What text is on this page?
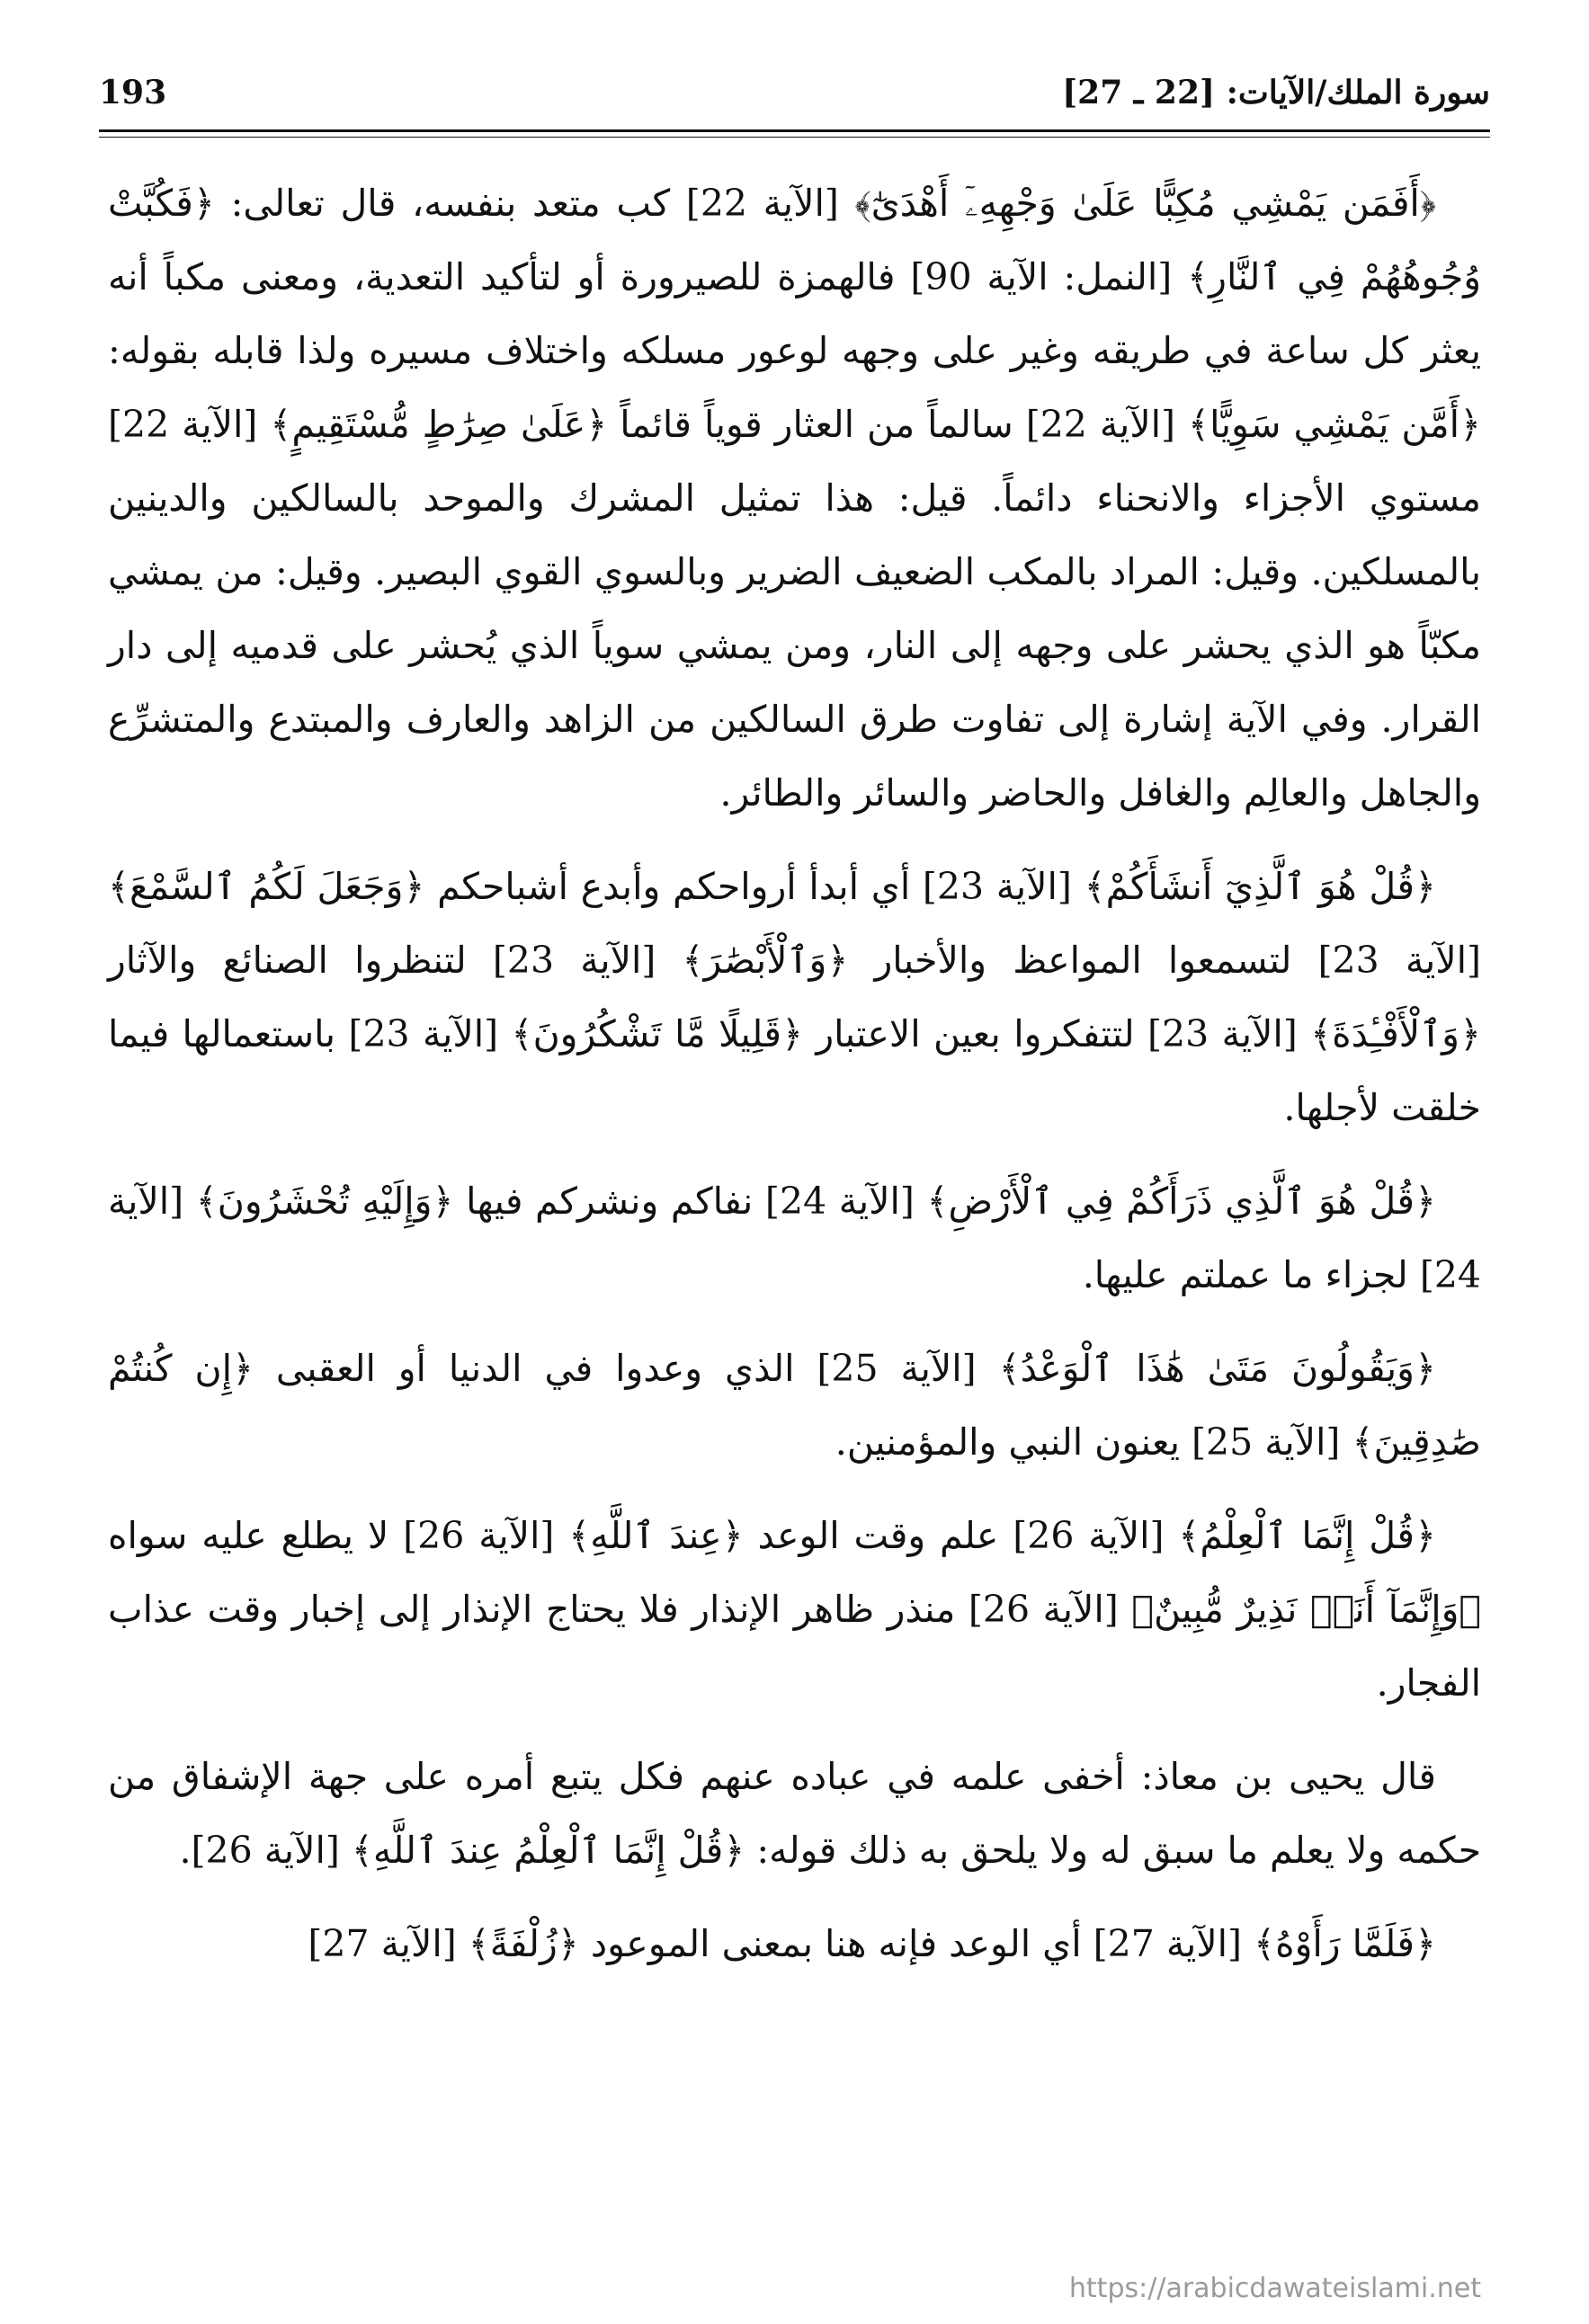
سورة الملك/الآيات: [22 ـ 27]
193

﴿أَفَمَن يَمْشِي مُكِبًّا عَلَىٰ وَجْهِهِۦٓ أَهْدَىٰٓ﴾ [الآية 22] كب متعد بنفسه، قال تعالى: ﴿فَكُبَّتْ وُجُوهُهُمْ فِي ٱلنَّارِ﴾ [النمل: الآية 90] فالهمزة للصيرورة أو لتأكيد التعدية، ومعنى مكباً أنه يعثر كل ساعة في طريقه وغير على وجهه لوعور مسلكه واختلاف مسيره ولذا قابله بقوله: ﴿أَمَّن يَمْشِي سَوِيًّا﴾ [الآية 22] سالماً من العثار قوياً قائماً ﴿عَلَىٰ صِرَٰطٍ مُّسْتَقِيمٍ﴾ [الآية 22] مستوي الأجزاء والانحناء دائماً. قيل: هذا تمثيل المشرك والموحد بالسالكين والدينين بالمسلكين. وقيل: المراد بالمكب الضعيف الضرير وبالسوي القوي البصير. وقيل: من يمشي مكبّاً هو الذي يحشر على وجهه إلى النار، ومن يمشي سوياً الذي يُحشر على قدميه إلى دار القرار. وفي الآية إشارة إلى تفاوت طرق السالكين من الزاهد والعارف والمبتدع والمتشرِّع والجاهل والعالِم والغافل والحاضر والسائر والطائر.

﴿قُلْ هُوَ ٱلَّذِيٓ أَنشَأَكُمْ﴾ [الآية 23] أي أبدأ أرواحكم وأبدع أشباحكم ﴿وَجَعَلَ لَكُمُ ٱلسَّمْعَ﴾ [الآية 23] لتسمعوا المواعظ والأخبار ﴿وَٱلْأَبْصَٰرَ﴾ [الآية 23] لتنظروا الصنائع والآثار ﴿وَٱلْأَفْـِٔدَةَ﴾ [الآية 23] لتتفكروا بعين الاعتبار ﴿قَلِيلًا مَّا تَشْكُرُونَ﴾ [الآية 23] باستعمالها فيما خلقت لأجلها.

﴿قُلْ هُوَ ٱلَّذِي ذَرَأَكُمْ فِي ٱلْأَرْضِ﴾ [الآية 24] نفاكم ونشركم فيها ﴿وَإِلَيْهِ تُحْشَرُونَ﴾ [الآية 24] لجزاء ما عملتم عليها.

﴿وَيَقُولُونَ مَتَىٰ هَٰذَا ٱلْوَعْدُ﴾ [الآية 25] الذي وعدوا في الدنيا أو العقبى ﴿إِن كُنتُمْ صَٰدِقِينَ﴾ [الآية 25] يعنون النبي والمؤمنين.

﴿قُلْ إِنَّمَا ٱلْعِلْمُ﴾ [الآية 26] علم وقت الوعد ﴿عِندَ ٱللَّهِ﴾ [الآية 26] لا يطلع عليه سواه ﴿وَإِنَّمَآ أَنَا۠ نَذِيرٌ مُّبِينٌ﴾ [الآية 26] منذر ظاهر الإنذار فلا يحتاج الإنذار إلى إخبار وقت عذاب الفجار.

قال يحيى بن معاذ: أخفى علمه في عباده عنهم فكل يتبع أمره على جهة الإشفاق من حكمه ولا يعلم ما سبق له ولا يلحق به ذلك قوله: ﴿قُلْ إِنَّمَا ٱلْعِلْمُ عِندَ ٱللَّهِ﴾ [الآية 26].

﴿فَلَمَّا رَأَوْهُ﴾ [الآية 27] أي الوعد فإنه هنا بمعنى الموعود ﴿زُلْفَةً﴾ [الآية 27]

https://arabicdawateislami.net
